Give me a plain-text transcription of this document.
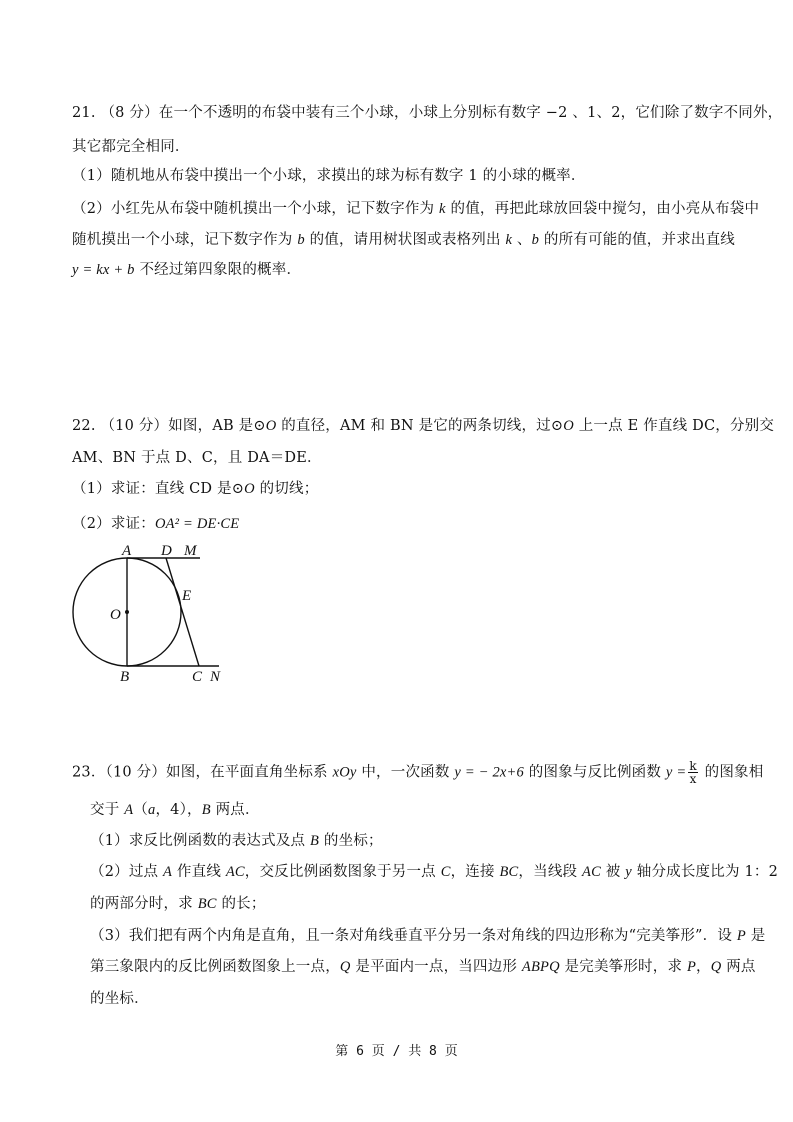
21. （8 分）在一个不透明的布袋中装有三个小球，小球上分别标有数字 −2 、1、2，它们除了数字不同外，
其它都完全相同．
（1）随机地从布袋中摸出一个小球，求摸出的球为标有数字 1 的小球的概率．
（2）小红先从布袋中随机摸出一个小球，记下数字作为 k 的值，再把此球放回袋中搅匀，由小亮从布袋中
随机摸出一个小球，记下数字作为 b 的值，请用树状图或表格列出 k 、b 的所有可能的值，并求出直线
y = kx + b 不经过第四象限的概率．
22. （10 分）如图，AB 是⊙O 的直径，AM 和 BN 是它的两条切线，过⊙O 上一点 E 作直线 DC，分别交
AM、BN 于点 D、C，且 DA＝DE．
（1）求证：直线 CD 是⊙O 的切线；
（2）求证：OA² = DE·CE
A D M
O
E
B	C N
23．（10 分）如图，在平面直角坐标系 xOy 中，一次函数 y = − 2x+6 的图象与反比例函数 $y = \frac{k}{x}$ 的图象相
交于 A（a，4），B 两点．
（1）求反比例函数的表达式及点 B 的坐标；
（2）过点 A 作直线 AC，交反比例函数图象于另一点 C，连接 BC，当线段 AC 被 y 轴分成长度比为 1：2
的两部分时，求 BC 的长；
（3）我们把有两个内角是直角，且一条对角线垂直平分另一条对角线的四边形称为“完美筝形”．设 P 是
第三象限内的反比例函数图象上一点，Q 是平面内一点，当四边形 ABPQ 是完美筝形时，求 P，Q 两点
的坐标．
第 6 页 / 共 8 页
